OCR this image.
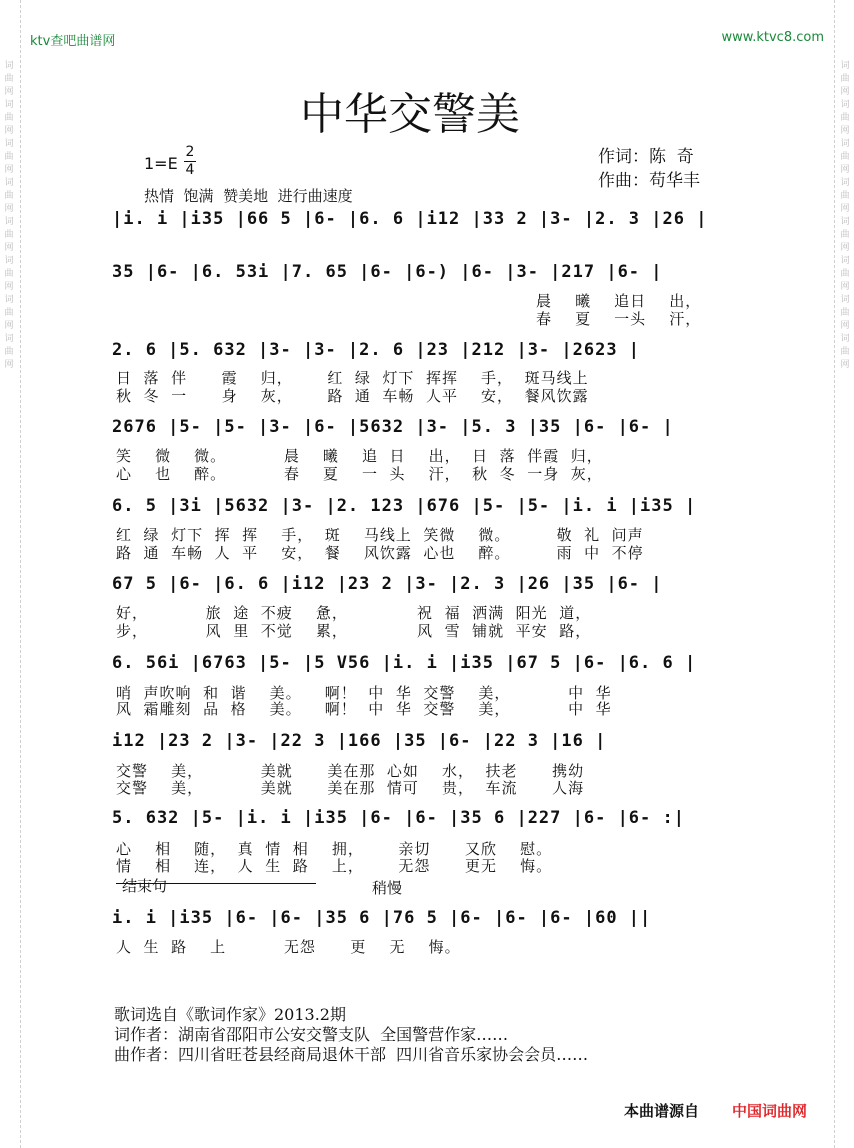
ktv查吧曲谱网	www.ktvc8.com
词曲网词曲网词曲网词曲网词曲网词曲网词曲网词曲网
词曲网词曲网词曲网词曲网词曲网词曲网词曲网词曲网
中华交警美
1=E
2
4
作词：陈  奇
作曲：苟华丰
热情  饱满  赞美地  进行曲速度
|i. i |i35 |66 5 |6- |6. 6 |i12 |33 2 |3- |2. 3 |26 |
35 |6- |6. 53i |7. 65 |6- |6-) |6- |3- |217 |6- |
晨    曦    追日    出，
春    夏    一头    汗，
2. 6 |5. 632 |3- |3- |2. 6 |23 |212 |3- |2623 |
日  落  伴      霞    归，      红  绿  灯下  挥挥    手，  斑马线上
秋  冬  一      身    灰，      路  通  车畅  人平    安，  餐风饮露
2676 |5- |5- |3- |6- |5632 |3- |5. 3 |35 |6- |6- |
笑    微    微。          晨    曦    追  日    出，  日  落  伴霞  归，
心    也    醉。          春    夏    一  头    汗，  秋  冬  一身  灰，
6. 5 |3i |5632 |3- |2. 123 |676 |5- |5- |i. i |i35 |
红  绿  灯下  挥  挥    手，  斑    马线上  笑微    微。        敬  礼  问声
路  通  车畅  人  平    安，  餐    风饮露  心也    醉。        雨  中  不停
67 5 |6- |6. 6 |i12 |23 2 |3- |2. 3 |26 |35 |6- |
好，          旅  途  不疲    惫，            祝  福  洒满  阳光  道，
步，          风  里  不觉    累，            风  雪  铺就  平安  路，
6. 56i |6763 |5- |5 V56 |i. i |i35 |67 5 |6- |6. 6 |
哨  声吹响  和  谐    美。    啊！  中  华  交警    美，          中  华
风  霜雕刻  品  格    美。    啊！  中  华  交警    美，          中  华
i12 |23 2 |3- |22 3 |166 |35 |6- |22 3 |16 |
交警    美，          美就      美在那  心如    水，  扶老      携幼
交警    美，          美就      美在那  情可    贵，  车流      人海
5. 632 |5- |i. i |i35 |6- |6- |35 6 |227 |6- |6- :|
心    相    随，  真  情  相    拥，      亲切      又欣    慰。
情    相    连，  人  生  路    上，      无怨      更无    悔。
结束句	稍慢
i. i |i35 |6- |6- |35 6 |76 5 |6- |6- |6- |60 ||
人  生  路    上          无怨      更    无    悔。
歌词选自《歌词作家》2013.2期
词作者：湖南省邵阳市公安交警支队  全国警营作家……
曲作者：四川省旺苍县经商局退休干部  四川省音乐家协会会员……
本曲谱源自 中国词曲网
